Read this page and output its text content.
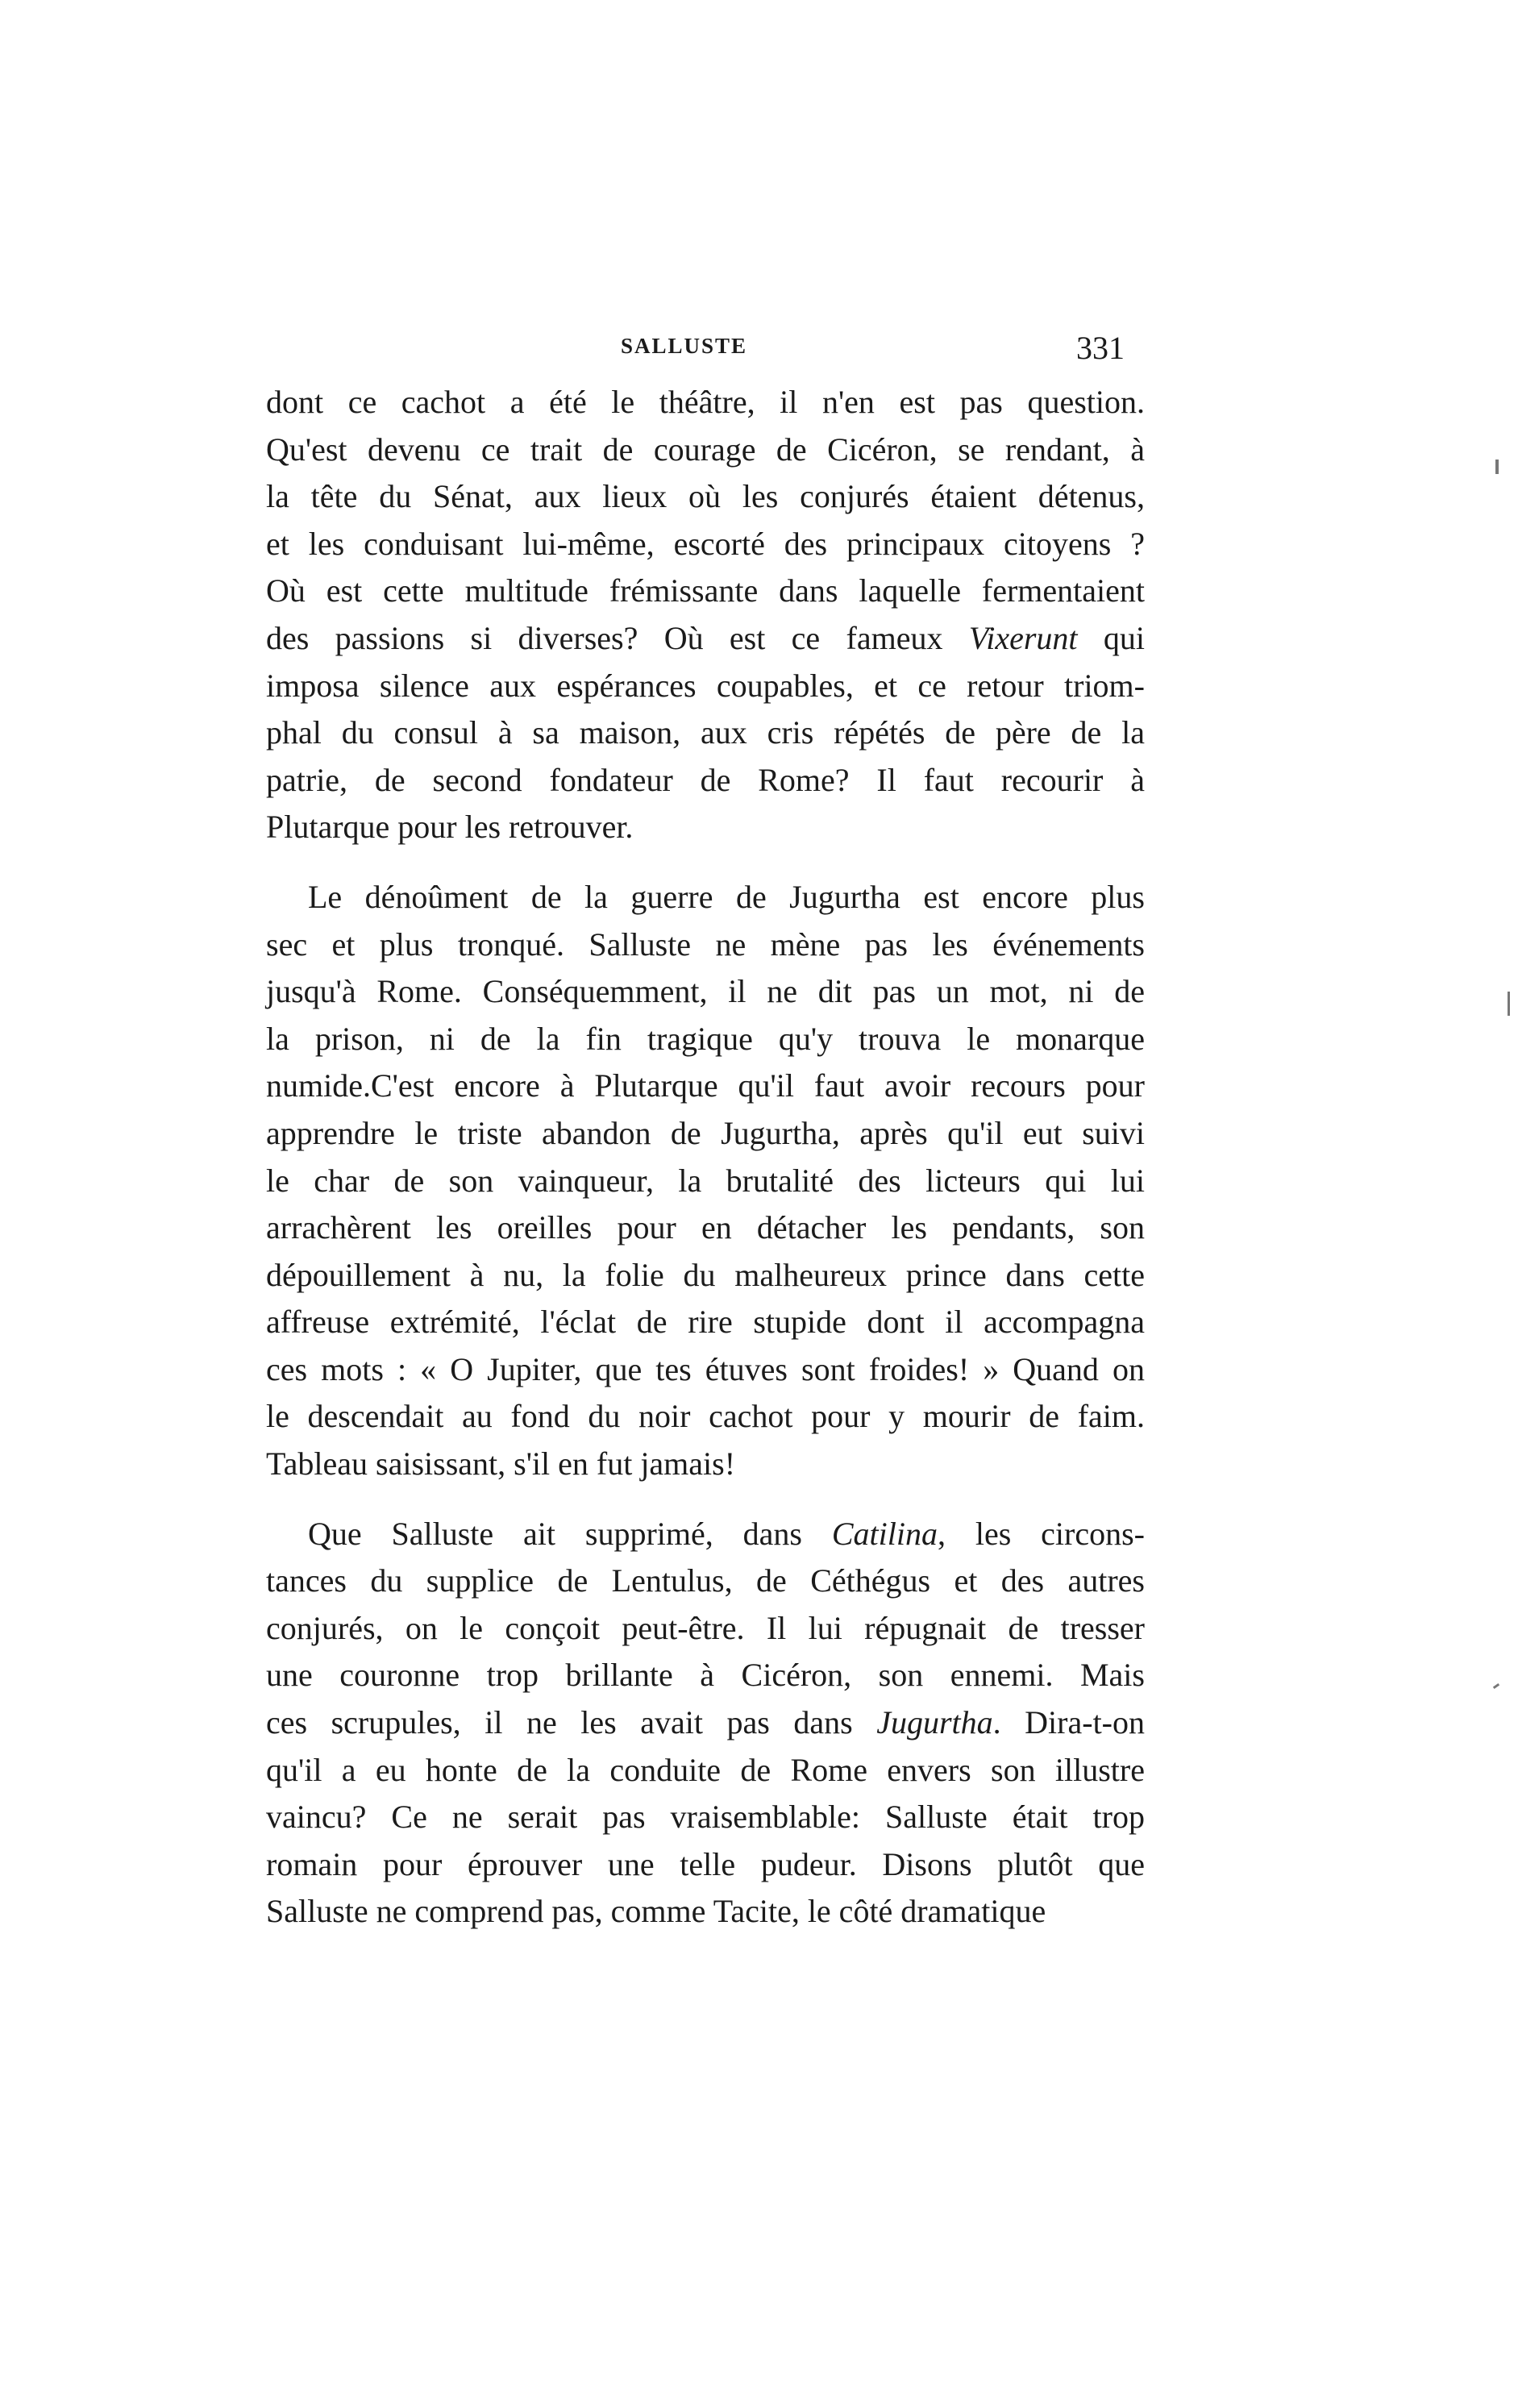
SALLUSTE	331
dont ce cachot a été le théâtre, il n'en est pas question.
Qu'est devenu ce trait de courage de Cicéron, se rendant, à
la tête du Sénat, aux lieux où les conjurés étaient détenus,
et les conduisant lui-même, escorté des principaux citoyens ?
Où est cette multitude frémissante dans laquelle fermentaient
des passions si diverses? Où est ce fameux Vixerunt qui
imposa silence aux espérances coupables, et ce retour triom-
phal du consul à sa maison, aux cris répétés de père de la
patrie, de second fondateur de Rome? Il faut recourir à
Plutarque pour les retrouver.
Le dénoûment de la guerre de Jugurtha est encore plus
sec et plus tronqué. Salluste ne mène pas les événements
jusqu'à Rome. Conséquemment, il ne dit pas un mot, ni de
la prison, ni de la fin tragique qu'y trouva le monarque
numide.C'est encore à Plutarque qu'il faut avoir recours pour
apprendre le triste abandon de Jugurtha, après qu'il eut suivi
le char de son vainqueur, la brutalité des licteurs qui lui
arrachèrent les oreilles pour en détacher les pendants, son
dépouillement à nu, la folie du malheureux prince dans cette
affreuse extrémité, l'éclat de rire stupide dont il accompagna
ces mots : « O Jupiter, que tes étuves sont froides! » Quand on
le descendait au fond du noir cachot pour y mourir de faim.
Tableau saisissant, s'il en fut jamais!
Que Salluste ait supprimé, dans Catilina, les circons-
tances du supplice de Lentulus, de Céthégus et des autres
conjurés, on le conçoit peut-être. Il lui répugnait de tresser
une couronne trop brillante à Cicéron, son ennemi. Mais
ces scrupules, il ne les avait pas dans Jugurtha. Dira-t-on
qu'il a eu honte de la conduite de Rome envers son illustre
vaincu? Ce ne serait pas vraisemblable: Salluste était trop
romain pour éprouver une telle pudeur. Disons plutôt que
Salluste ne comprend pas, comme Tacite, le côté dramatique
